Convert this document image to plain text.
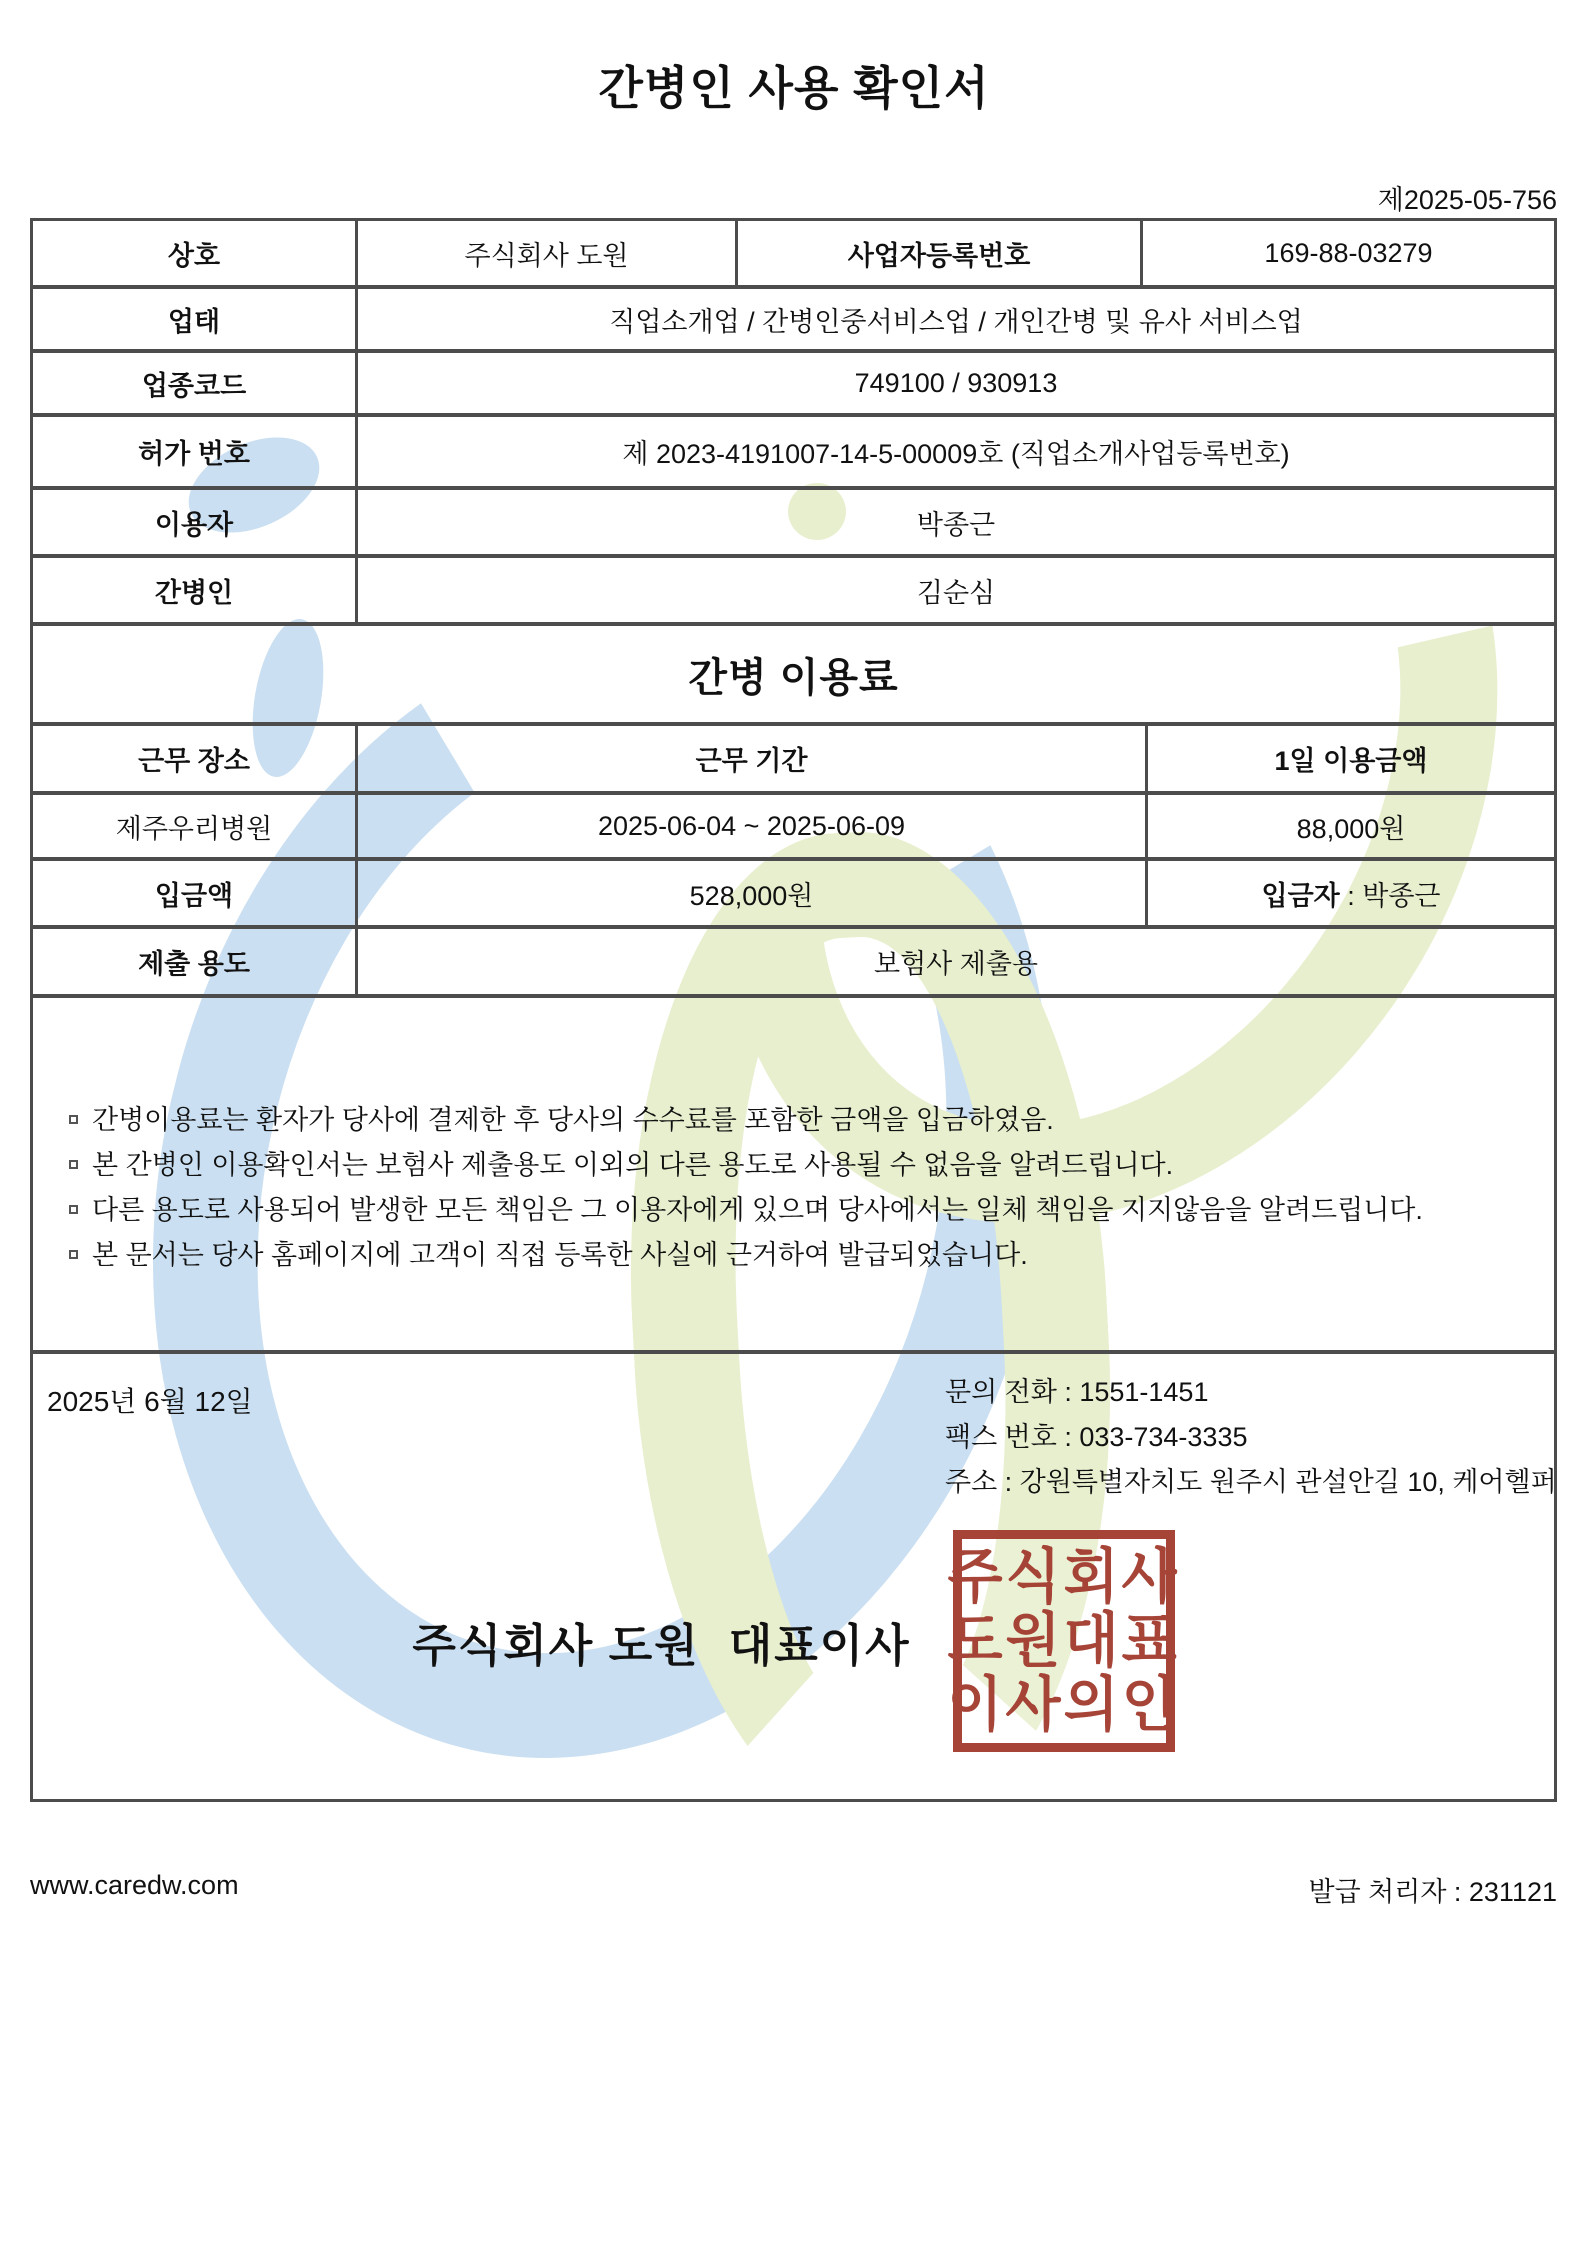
간병인 사용 확인서
제2025-05-756
상호	주식회사 도원	사업자등록번호	169-88-03279
업태	직업소개업 / 간병인중서비스업 / 개인간병 및 유사 서비스업
업종코드	749100 / 930913
허가 번호	제 2023-4191007-14-5-00009호 (직업소개사업등록번호)
이용자	박종근
간병인	김순심
간병 이용료
근무 장소	근무 기간	1일 이용금액
제주우리병원	2025-06-04 ~ 2025-06-09	88,000원
입금액	528,000원	입금자 : 박종근
제출 용도	보험사 제출용
간병이용료는 환자가 당사에 결제한 후 당사의 수수료를 포함한 금액을 입금하였음.
본 간병인 이용확인서는 보험사 제출용도 이외의 다른 용도로 사용될 수 없음을 알려드립니다.
다른 용도로 사용되어 발생한 모든 책임은 그 이용자에게 있으며 당사에서는 일체 책임을 지지않음을 알려드립니다.
본 문서는 당사 홈페이지에 고객이 직접 등록한 사실에 근거하여 발급되었습니다.
2025년 6월 12일	문의 전화 : 1551-1451
팩스 번호 : 033-734-3335
주소 : 강원특별자치도 원주시 관설안길 10, 케어헬퍼
주식회사 도원  대표이사
주식회사
도원대표
이사의인
www.caredw.com	발급 처리자 : 231121
